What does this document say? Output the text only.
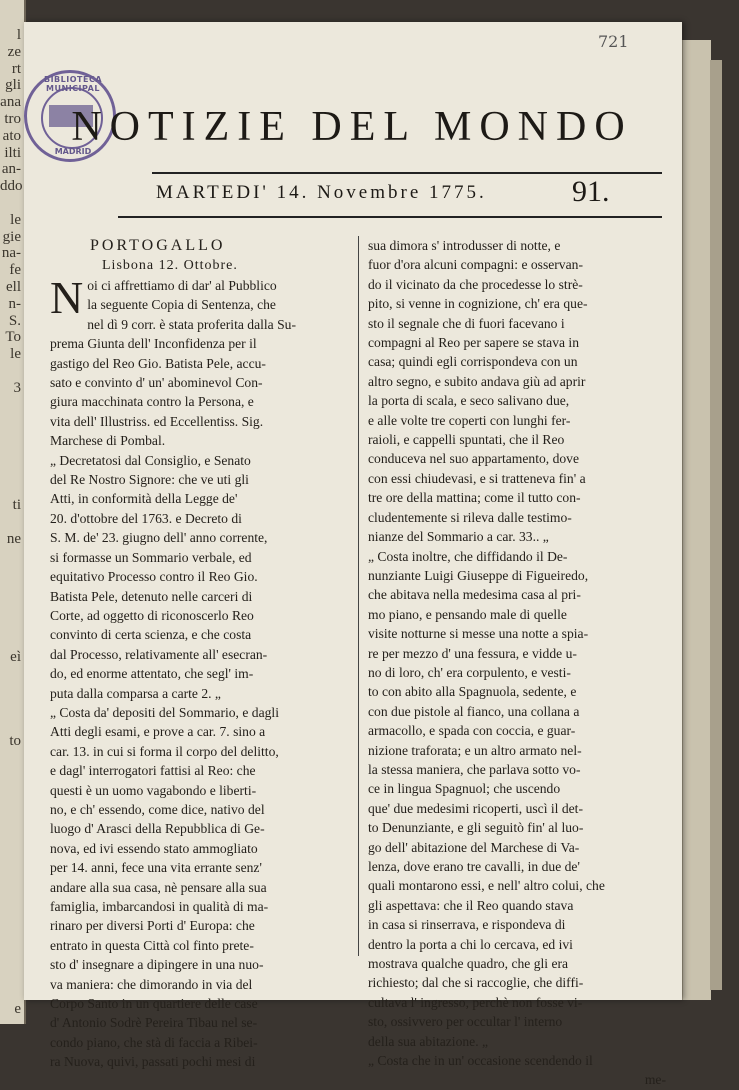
l
ze
rt
gli
ana
tro
ato
ilti
an-
ddo
le
gie
na-
fe
ell
n-
S.
To
le
3
ti
ne
eì
to
e
721
BIBLIOTECA MUNICIPAL
MADRID
NOTIZIE DEL MONDO
MARTEDI' 14. Novembre 1775.	91.
PORTOGALLO
Lisbona 12. Ottobre.
N oi ci affrettiamo di dar' al Pubblico
la seguente Copia di Sentenza, che
nel dì 9 corr. è stata proferita dalla Su-
prema Giunta dell' Inconfidenza per il
gastigo del Reo Gio. Batista Pele, accu-
sato e convinto d' un' abominevol Con-
giura macchinata contro la Persona, e
vita dell' Illustriss. ed Eccellentiss. Sig.
Marchese di Pombal.
„ Decretatosi dal Consiglio, e Senato
del Re Nostro Signore: che ve uti gli
Atti, in conformità della Legge de'
20. d'ottobre del 1763. e Decreto di
S. M. de' 23. giugno dell' anno corrente,
si formasse un Sommario verbale, ed
equitativo Processo contro il Reo Gio.
Batista Pele, detenuto nelle carceri di
Corte, ad oggetto di riconoscerlo Reo
convinto di certa scienza, e che costa
dal Processo, relativamente all' esecran-
do, ed enorme attentato, che segl' im-
puta dalla comparsa a carte 2. „
„ Costa da' depositi del Sommario, e dagli
Atti degli esami, e prove a car. 7. sino a
car. 13. in cui si forma il corpo del delitto,
e dagl' interrogatori fattisi al Reo: che
questi è un uomo vagabondo e liberti-
no, e ch' essendo, come dice, nativo del
luogo d' Arasci della Repubblica di Ge-
nova, ed ivi essendo stato ammogliato
per 14. anni, fece una vita errante senz'
andare alla sua casa, nè pensare alla sua
famiglia, imbarcandosi in qualità di ma-
rinaro per diversi Porti d' Europa: che
entrato in questa Città col finto prete-
sto d' insegnare a dipingere in una nuo-
va maniera: che dimorando in via del
Corpo Santo in un quartiere delle case
d' Antonio Sodrè Pereira Tibau nel se-
condo piano, che stà di faccia a Ribei-
ra Nuova, quivi, passati pochi mesi di
sua dimora s' introdusser di notte, e
fuor d'ora alcuni compagni: e osservan-
do il vicinato da che procedesse lo strè-
pito, si venne in cognizione, ch' era que-
sto il segnale che di fuori facevano i
compagni al Reo per sapere se stava in
casa; quindi egli corrispondeva con un
altro segno, e subito andava giù ad aprir
la porta di scala, e seco salivano due,
e alle volte tre coperti con lunghi fer-
raioli, e cappelli spuntati, che il Reo
conduceva nel suo appartamento, dove
con essi chiudevasi, e si tratteneva fin' a
tre ore della mattina; come il tutto con-
cludentemente si rileva dalle testimo-
nianze del Sommario a car. 33.. „
„ Costa inoltre, che diffidando il De-
nunziante Luigi Giuseppe di Figueiredo,
che abitava nella medesima casa al pri-
mo piano, e pensando male di quelle
visite notturne si messe una notte a spia-
re per mezzo d' una fessura, e vidde u-
no di loro, ch' era corpulento, e vesti-
to con abito alla Spagnuola, sedente, e
con due pistole al fianco, una collana a
armacollo, e spada con coccia, e guar-
nizione traforata; e un altro armato nel-
la stessa maniera, che parlava sotto vo-
ce in lingua Spagnuol; che uscendo
que' due medesimi ricoperti, uscì il det-
to Denunziante, e gli seguitò fin' al luo-
go dell' abitazione del Marchese di Va-
lenza, dove erano tre cavalli, in due de'
quali montarono essi, e nell' altro colui, che
gli aspettava: che il Reo quando stava
in casa si rinserrava, e rispondeva di
dentro la porta a chi lo cercava, ed ivi
mostrava qualche quadro, che gli era
richiesto; dal che si raccoglie, che diffi-
cultava l' ingresso, perchè non fosse vi-
sto, ossivvero per occultar l' interno
della sua abitazione. „
„ Costa che in un' occasione scendendo il
me-
